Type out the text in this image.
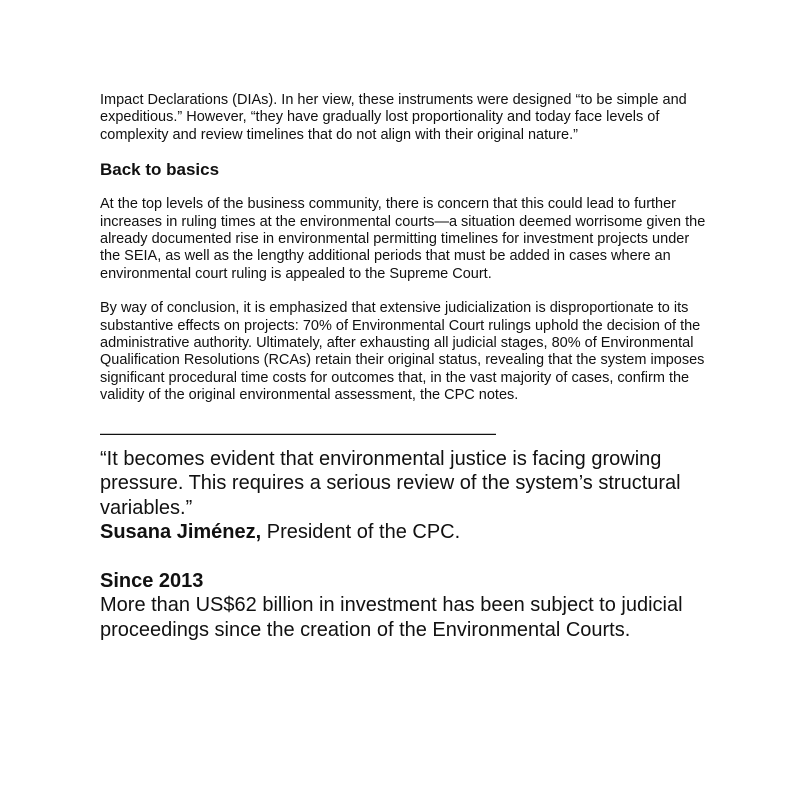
Impact Declarations (DIAs). In her view, these instruments were designed “to be simple and expeditious.” However, “they have gradually lost proportionality and today face levels of complexity and review timelines that do not align with their original nature.”

Back to basics

At the top levels of the business community, there is concern that this could lead to further increases in ruling times at the environmental courts—a situation deemed worrisome given the already documented rise in environmental permitting timelines for investment projects under the SEIA, as well as the lengthy additional periods that must be added in cases where an environmental court ruling is appealed to the Supreme Court.

By way of conclusion, it is emphasized that extensive judicialization is disproportionate to its substantive effects on projects: 70% of Environmental Court rulings uphold the decision of the administrative authority. Ultimately, after exhausting all judicial stages, 80% of Environmental Qualification Resolutions (RCAs) retain their original status, revealing that the system imposes significant procedural time costs for outcomes that, in the vast majority of cases, confirm the validity of the original environmental assessment, the CPC notes.

——————————————————————

“It becomes evident that environmental justice is facing growing pressure. This requires a serious review of the system’s structural variables.”

Susana Jiménez, President of the CPC.

Since 2013

More than US$62 billion in investment has been subject to judicial proceedings since the creation of the Environmental Courts.
